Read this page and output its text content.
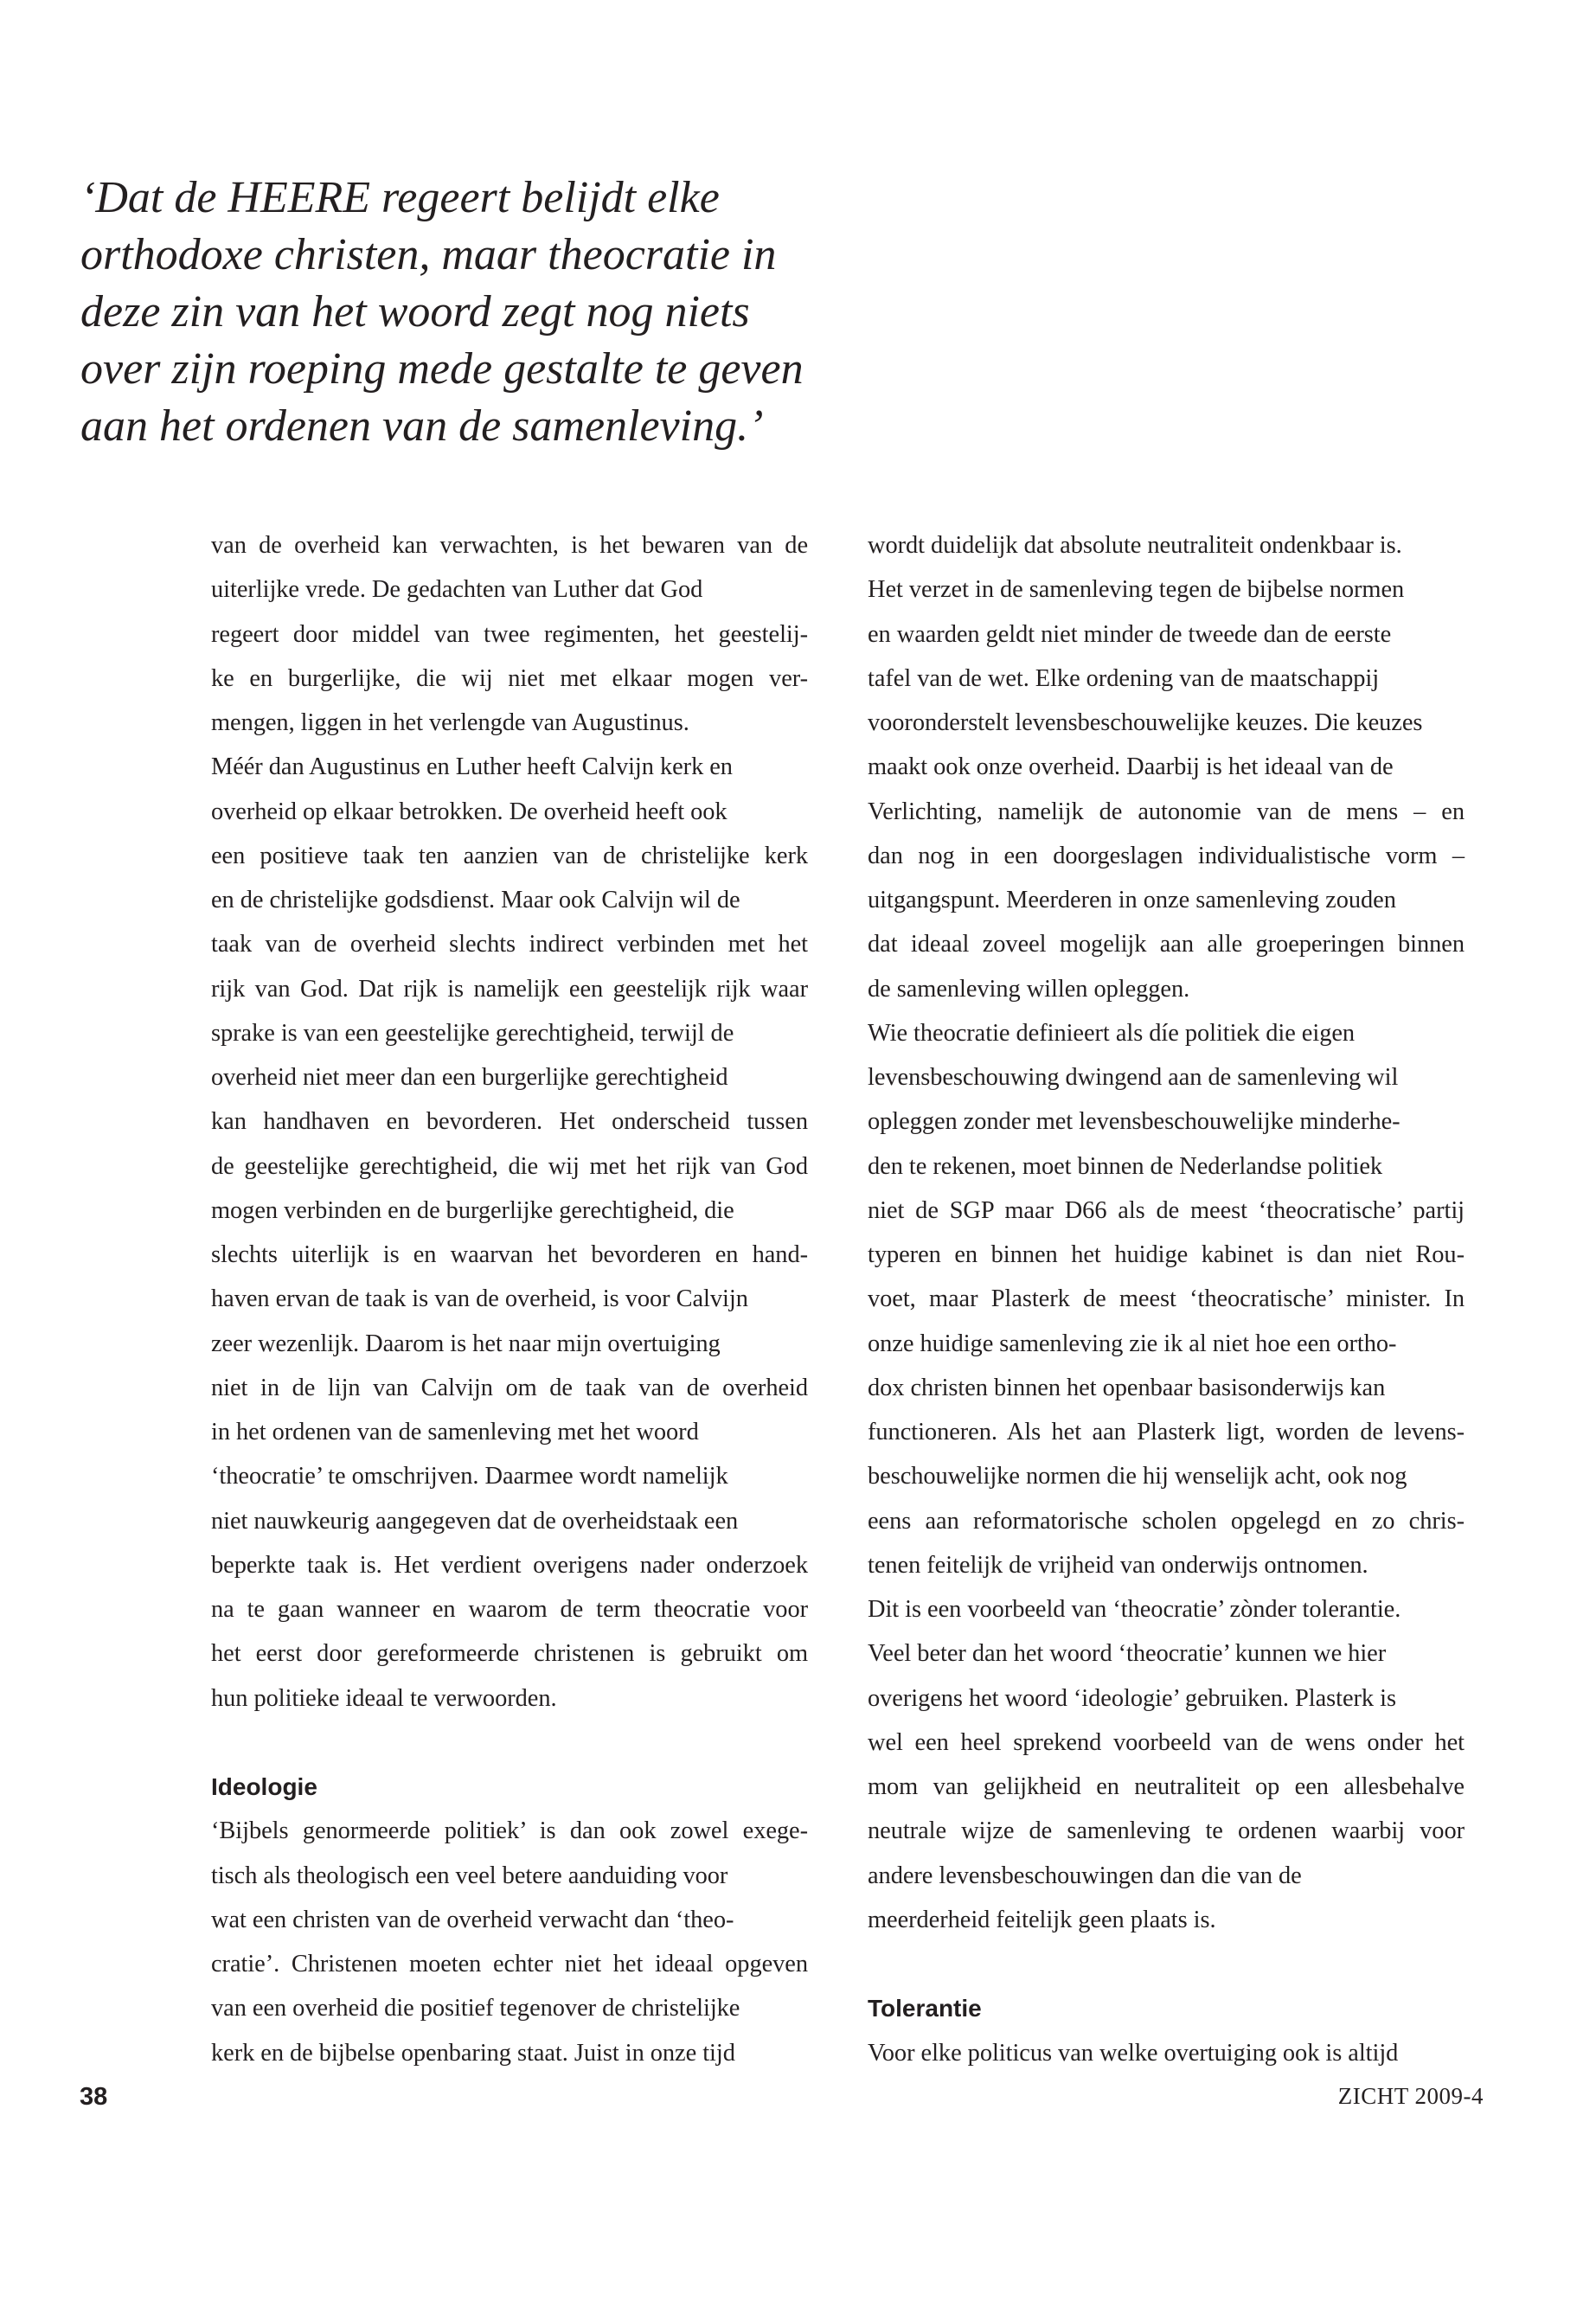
‘Dat de HEERE regeert belijdt elke
orthodoxe christen, maar theocratie in
deze zin van het woord zegt nog niets
over zijn roeping mede gestalte te geven
aan het ordenen van de samenleving.’
van de overheid kan verwachten, is het bewaren van de
uiterlijke vrede. De gedachten van Luther dat God
regeert door middel van twee regimenten, het geestelij-
ke en burgerlijke, die wij niet met elkaar mogen ver-
mengen, liggen in het verlengde van Augustinus.
Méér dan Augustinus en Luther heeft Calvijn kerk en
overheid op elkaar betrokken. De overheid heeft ook
een positieve taak ten aanzien van de christelijke kerk
en de christelijke godsdienst. Maar ook Calvijn wil de
taak van de overheid slechts indirect verbinden met het
rijk van God. Dat rijk is namelijk een geestelijk rijk waar
sprake is van een geestelijke gerechtigheid, terwijl de
overheid niet meer dan een burgerlijke gerechtigheid
kan handhaven en bevorderen. Het onderscheid tussen
de geestelijke gerechtigheid, die wij met het rijk van God
mogen verbinden en de burgerlijke gerechtigheid, die
slechts uiterlijk is en waarvan het bevorderen en hand-
haven ervan de taak is van de overheid, is voor Calvijn
zeer wezenlijk. Daarom is het naar mijn overtuiging
niet in de lijn van Calvijn om de taak van de overheid
in het ordenen van de samenleving met het woord
‘theocratie’ te omschrijven. Daarmee wordt namelijk
niet nauwkeurig aangegeven dat de overheidstaak een
beperkte taak is. Het verdient overigens nader onderzoek
na te gaan wanneer en waarom de term theocratie voor
het eerst door gereformeerde christenen is gebruikt om
hun politieke ideaal te verwoorden.
Ideologie
‘Bijbels genormeerde politiek’ is dan ook zowel exege-
tisch als theologisch een veel betere aanduiding voor
wat een christen van de overheid verwacht dan ‘theo-
cratie’. Christenen moeten echter niet het ideaal opgeven
van een overheid die positief tegenover de christelijke
kerk en de bijbelse openbaring staat. Juist in onze tijd
wordt duidelijk dat absolute neutraliteit ondenkbaar is.
Het verzet in de samenleving tegen de bijbelse normen
en waarden geldt niet minder de tweede dan de eerste
tafel van de wet. Elke ordening van de maatschappij
vooronderstelt levensbeschouwelijke keuzes. Die keuzes
maakt ook onze overheid. Daarbij is het ideaal van de
Verlichting, namelijk de autonomie van de mens – en
dan nog in een doorgeslagen individualistische vorm –
uitgangspunt. Meerderen in onze samenleving zouden
dat ideaal zoveel mogelijk aan alle groeperingen binnen
de samenleving willen opleggen.
Wie theocratie definieert als díe politiek die eigen
levensbeschouwing dwingend aan de samenleving wil
opleggen zonder met levensbeschouwelijke minderhe-
den te rekenen, moet binnen de Nederlandse politiek
niet de SGP maar D66 als de meest ‘theocratische’ partij
typeren en binnen het huidige kabinet is dan niet Rou-
voet, maar Plasterk de meest ‘theocratische’ minister. In
onze huidige samenleving zie ik al niet hoe een ortho-
dox christen binnen het openbaar basisonderwijs kan
functioneren. Als het aan Plasterk ligt, worden de levens-
beschouwelijke normen die hij wenselijk acht, ook nog
eens aan reformatorische scholen opgelegd en zo chris-
tenen feitelijk de vrijheid van onderwijs ontnomen.
Dit is een voorbeeld van ‘theocratie’ zònder tolerantie.
Veel beter dan het woord ‘theocratie’ kunnen we hier
overigens het woord ‘ideologie’ gebruiken. Plasterk is
wel een heel sprekend voorbeeld van de wens onder het
mom van gelijkheid en neutraliteit op een allesbehalve
neutrale wijze de samenleving te ordenen waarbij voor
andere levensbeschouwingen dan die van de
meerderheid feitelijk geen plaats is.
Tolerantie
Voor elke politicus van welke overtuiging ook is altijd
38	ZICHT 2009-4
